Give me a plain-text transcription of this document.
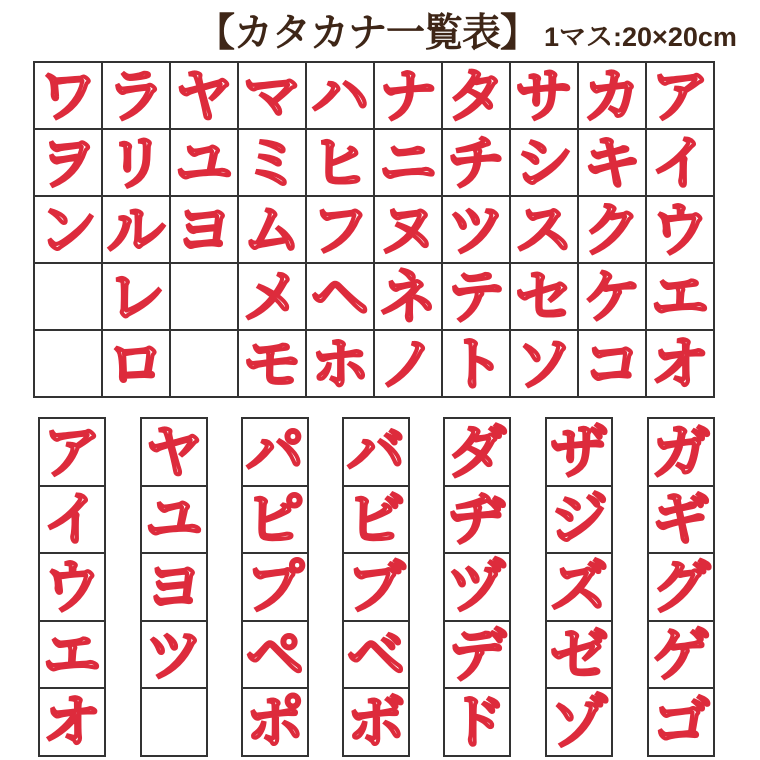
【カタカナ一覧表】 1マス:20×20cm
ワ ラ ヤ マ ハ ナ タ サ カ ア
ヲ リ ユ ミ ヒ ニ チ シ キ イ
ン ル ヨ ム フ ヌ ツ ス ク ウ
レ メ ヘ ネ テ セ ケ エ
ロ モ ホ ノ ト ソ コ オ
ア
イ
ウ
エ
オ
ヤ
ユ
ヨ
ツ
パ
ピ
プ
ペ
ポ
バ
ビ
ブ
ベ
ボ
ダ
ヂ
ヅ
デ
ド
ザ
ジ
ズ
ゼ
ゾ
ガ
ギ
グ
ゲ
ゴ
